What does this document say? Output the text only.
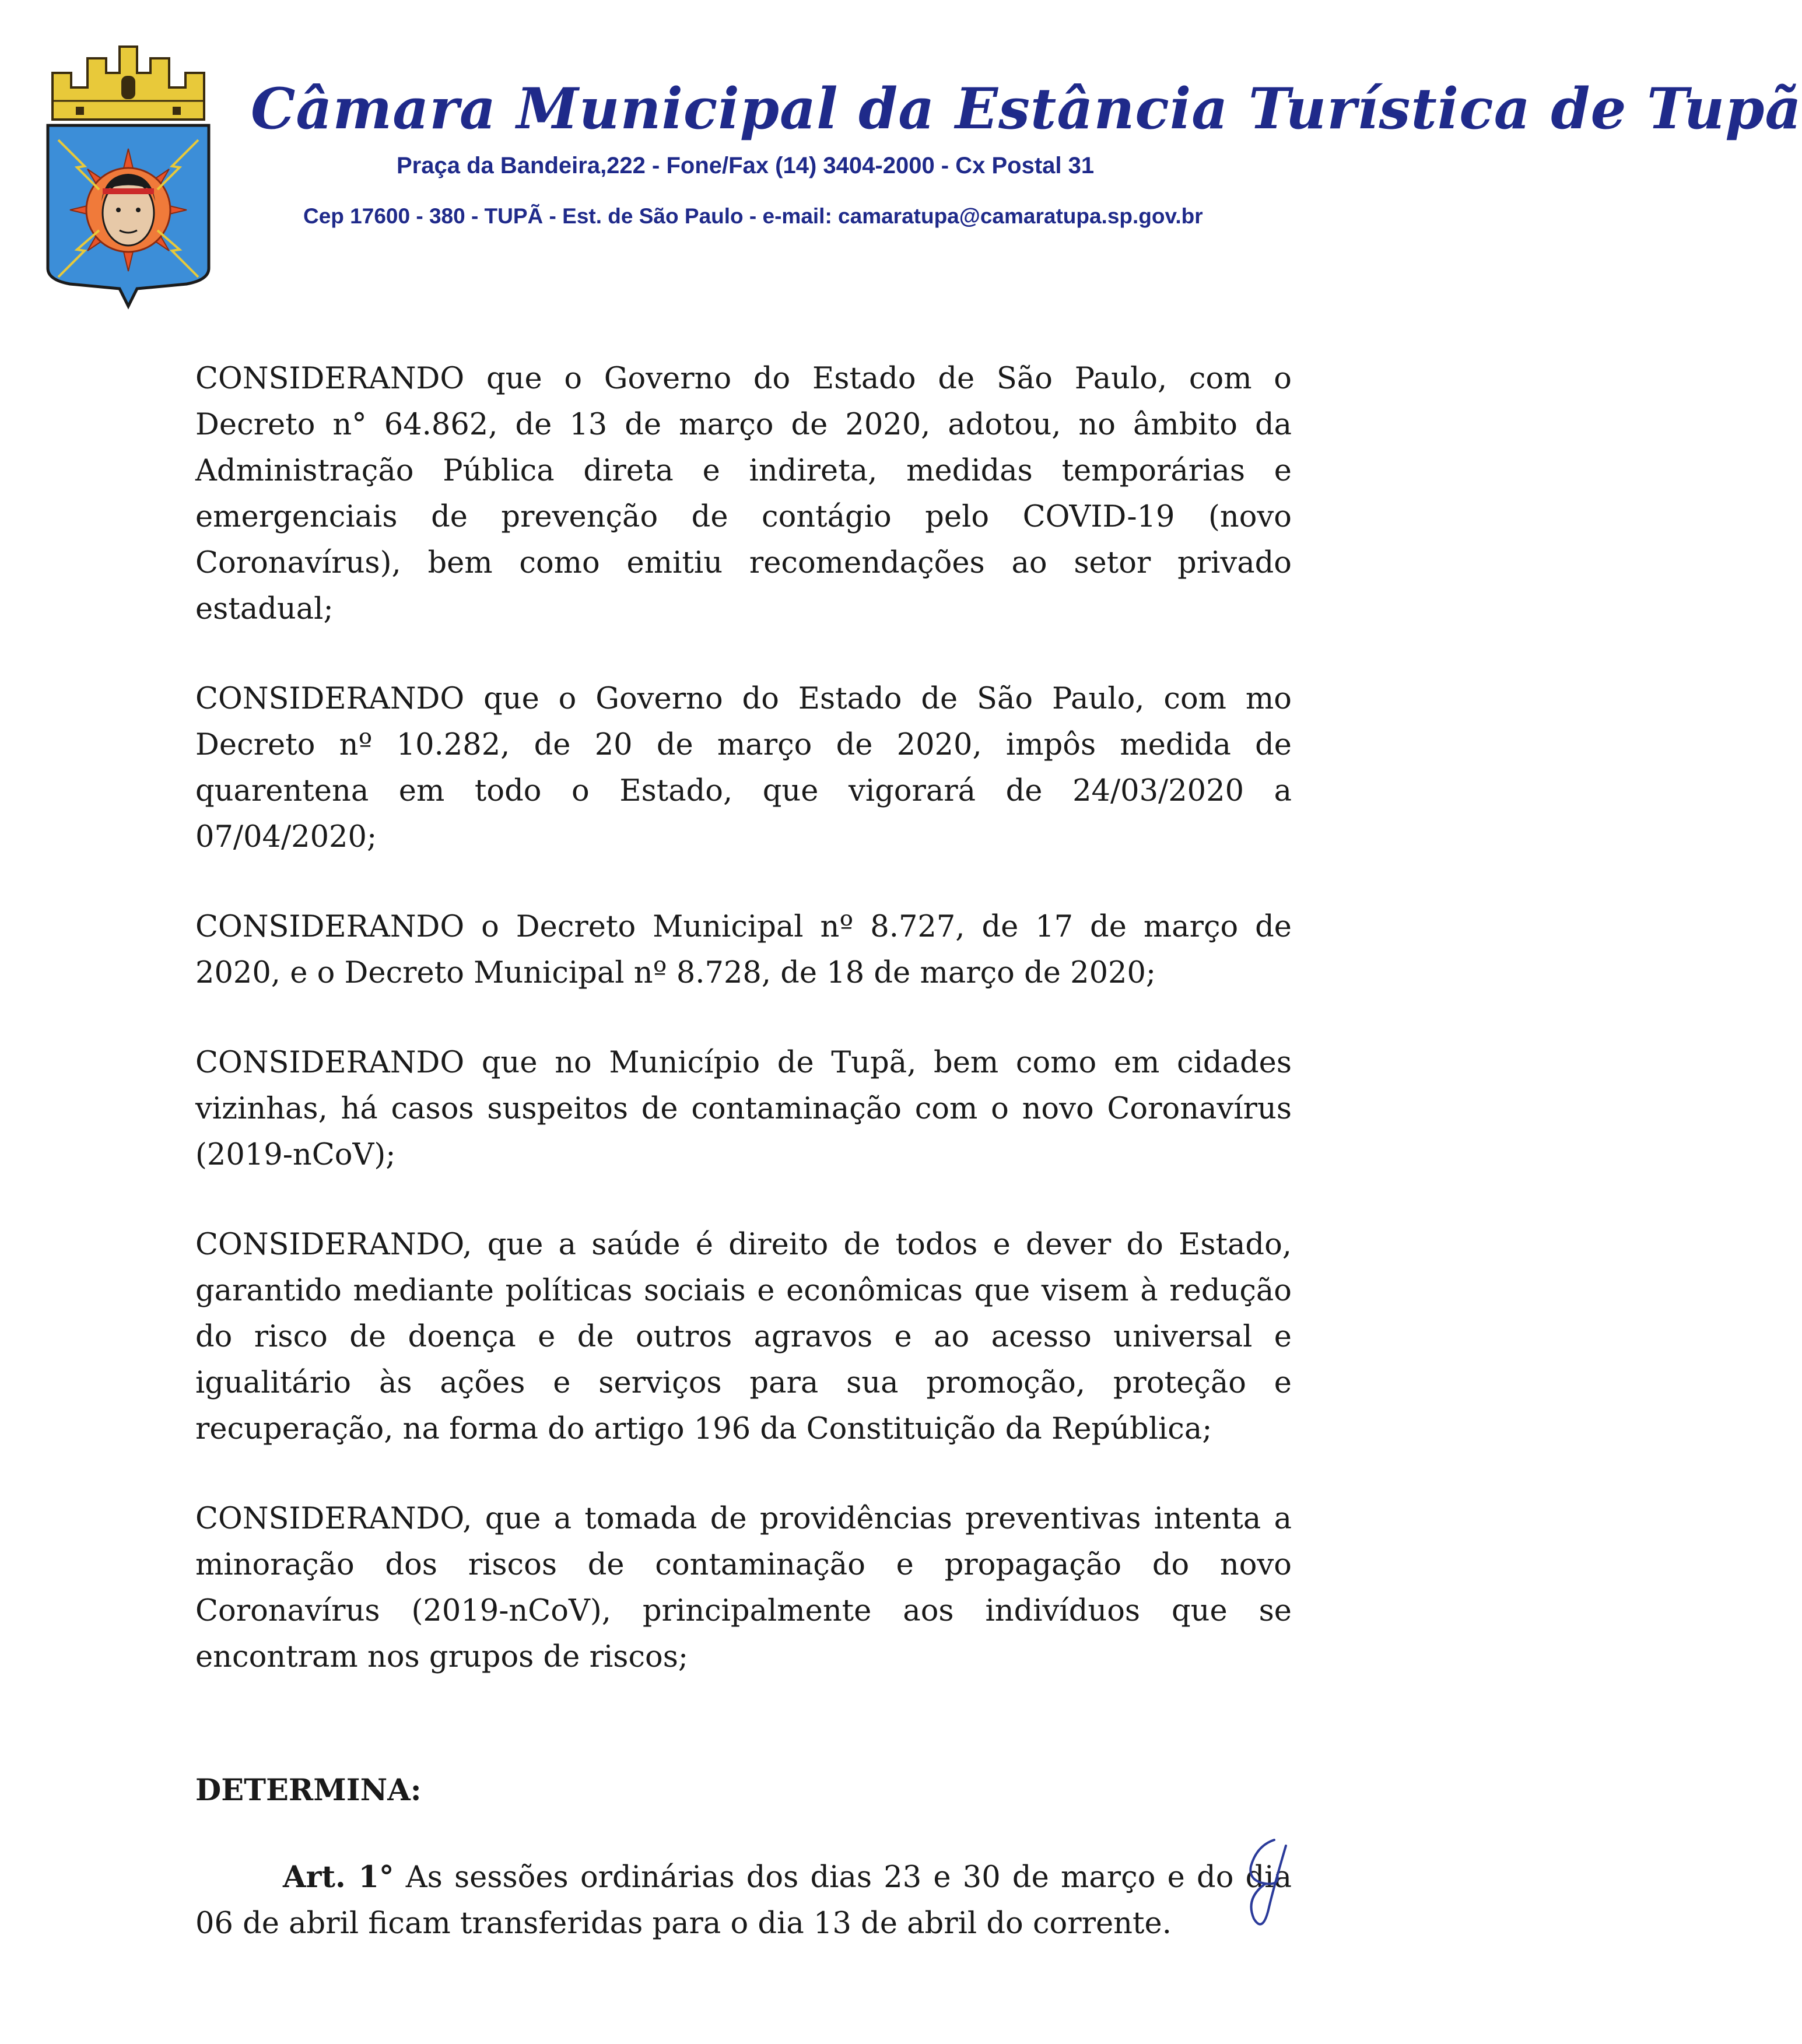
Câmara Municipal da Estância Turística de Tupã
Praça da Bandeira,222 - Fone/Fax (14) 3404-2000 - Cx Postal 31
Cep 17600 - 380 - TUPÃ - Est. de São Paulo - e-mail: camaratupa@camaratupa.sp.gov.br

CONSIDERANDO que o Governo do Estado de São Paulo, com o Decreto n° 64.862, de 13 de março de 2020, adotou, no âmbito da Administração Pública direta e indireta, medidas temporárias e emergenciais de prevenção de contágio pelo COVID-19 (novo Coronavírus), bem como emitiu recomendações ao setor privado estadual;

CONSIDERANDO que o Governo do Estado de São Paulo, com mo Decreto nº 10.282, de 20 de março de 2020, impôs medida de quarentena em todo o Estado, que vigorará de 24/03/2020 a 07/04/2020;

CONSIDERANDO o Decreto Municipal nº 8.727, de 17 de março de 2020, e o Decreto Municipal nº 8.728, de 18 de março de 2020;

CONSIDERANDO que no Município de Tupã, bem como em cidades vizinhas, há casos suspeitos de contaminação com o novo Coronavírus (2019-nCoV);

CONSIDERANDO, que a saúde é direito de todos e dever do Estado, garantido mediante políticas sociais e econômicas que visem à redução do risco de doença e de outros agravos e ao acesso universal e igualitário às ações e serviços para sua promoção, proteção e recuperação, na forma do artigo 196 da Constituição da República;

CONSIDERANDO, que a tomada de providências preventivas intenta a minoração dos riscos de contaminação e propagação do novo Coronavírus (2019-nCoV), principalmente aos indivíduos que se encontram nos grupos de riscos;

DETERMINA:

Art. 1° As sessões ordinárias dos dias 23 e 30 de março e do dia 06 de abril ficam transferidas para o dia 13 de abril do corrente.
